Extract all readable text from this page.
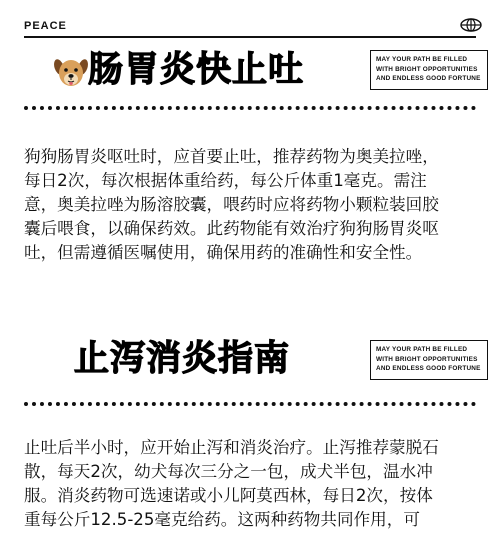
PEACE
肠胃炎快止吐	MAY YOUR PATH BE FILLED
WITH BRIGHT OPPORTUNITIES
AND ENDLESS GOOD FORTUNE
狗狗肠胃炎呕吐时，应首要止吐，推荐药物为奥美拉唑，
每日2次，每次根据体重给药，每公斤体重1毫克。需注
意，奥美拉唑为肠溶胶囊，喂药时应将药物小颗粒装回胶
囊后喂食，以确保药效。此药物能有效治疗狗狗肠胃炎呕
吐，但需遵循医嘱使用，确保用药的准确性和安全性。
止泻消炎指南	MAY YOUR PATH BE FILLED
WITH BRIGHT OPPORTUNITIES
AND ENDLESS GOOD FORTUNE
止吐后半小时，应开始止泻和消炎治疗。止泻推荐蒙脱石
散，每天2次，幼犬每次三分之一包，成犬半包，温水冲
服。消炎药物可选速诺或小儿阿莫西林，每日2次，按体
重每公斤12.5-25毫克给药。这两种药物共同作用，可
